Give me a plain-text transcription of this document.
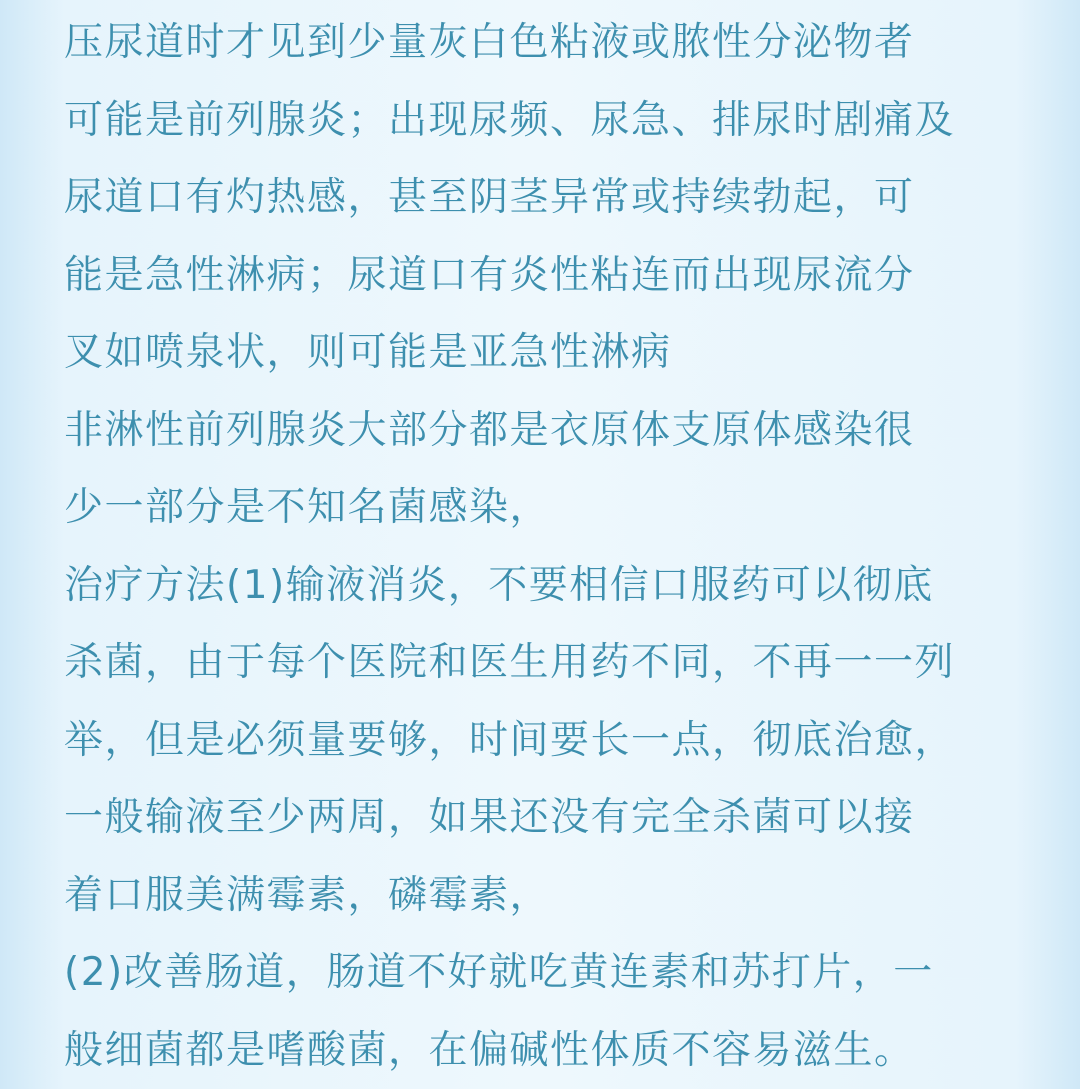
压尿道时才见到少量灰白色粘液或脓性分泌物者
可能是前列腺炎；出现尿频、尿急、排尿时剧痛及
尿道口有灼热感，甚至阴茎异常或持续勃起，可
能是急性淋病；尿道口有炎性粘连而出现尿流分
叉如喷泉状，则可能是亚急性淋病
非淋性前列腺炎大部分都是衣原体支原体感染很
少一部分是不知名菌感染，
治疗方法(1)输液消炎，不要相信口服药可以彻底
杀菌，由于每个医院和医生用药不同，不再一一列
举，但是必须量要够，时间要长一点，彻底治愈，
一般输液至少两周，如果还没有完全杀菌可以接
着口服美满霉素，磷霉素，
(2)改善肠道，肠道不好就吃黄连素和苏打片，一
般细菌都是嗜酸菌，在偏碱性体质不容易滋生。
